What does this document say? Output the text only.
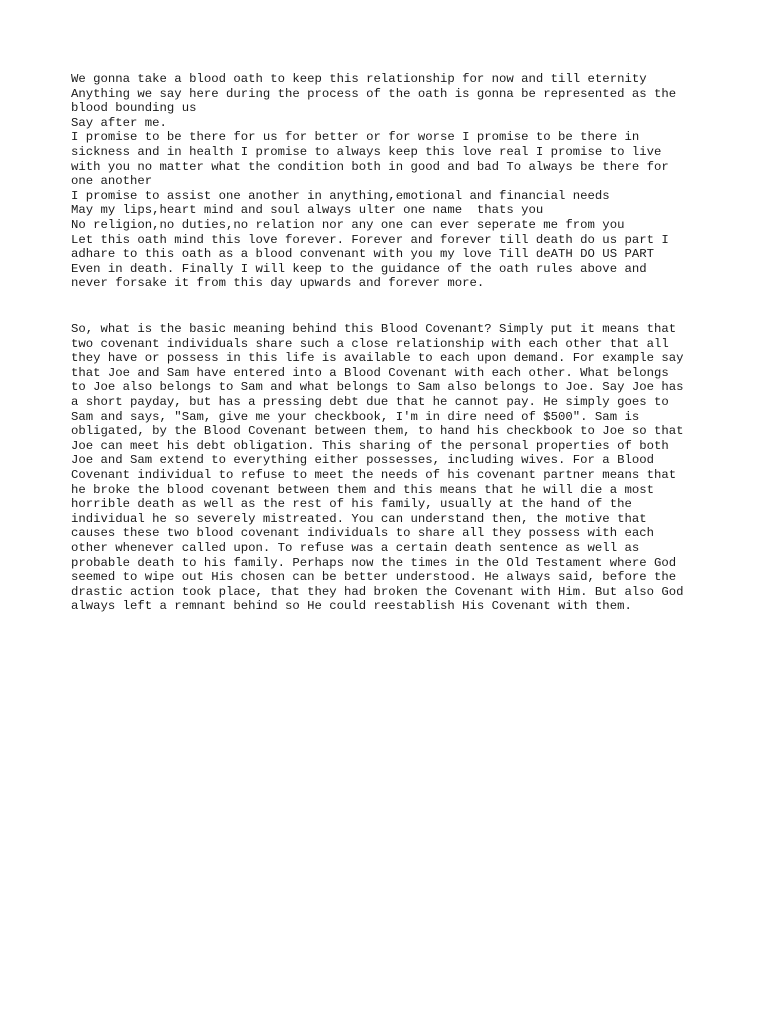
We gonna take a blood oath to keep this relationship for now and till eternity
Anything we say here during the process of the oath is gonna be represented as the
blood bounding us
Say after me.
I promise to be there for us for better or for worse I promise to be there in
sickness and in health I promise to always keep this love real I promise to live
with you no matter what the condition both in good and bad To always be there for
one another
I promise to assist one another in anything,emotional and financial needs
May my lips,heart mind and soul always ulter one name  thats you
No religion,no duties,no relation nor any one can ever seperate me from you
Let this oath mind this love forever. Forever and forever till death do us part I
adhare to this oath as a blood convenant with you my love Till deATH DO US PART
Even in death. Finally I will keep to the guidance of the oath rules above and
never forsake it from this day upwards and forever more.

So, what is the basic meaning behind this Blood Covenant? Simply put it means that
two covenant individuals share such a close relationship with each other that all
they have or possess in this life is available to each upon demand. For example say
that Joe and Sam have entered into a Blood Covenant with each other. What belongs
to Joe also belongs to Sam and what belongs to Sam also belongs to Joe. Say Joe has
a short payday, but has a pressing debt due that he cannot pay. He simply goes to
Sam and says, "Sam, give me your checkbook, I'm in dire need of $500". Sam is
obligated, by the Blood Covenant between them, to hand his checkbook to Joe so that
Joe can meet his debt obligation. This sharing of the personal properties of both
Joe and Sam extend to everything either possesses, including wives. For a Blood
Covenant individual to refuse to meet the needs of his covenant partner means that
he broke the blood covenant between them and this means that he will die a most
horrible death as well as the rest of his family, usually at the hand of the
individual he so severely mistreated. You can understand then, the motive that
causes these two blood covenant individuals to share all they possess with each
other whenever called upon. To refuse was a certain death sentence as well as
probable death to his family. Perhaps now the times in the Old Testament where God
seemed to wipe out His chosen can be better understood. He always said, before the
drastic action took place, that they had broken the Covenant with Him. But also God
always left a remnant behind so He could reestablish His Covenant with them.
